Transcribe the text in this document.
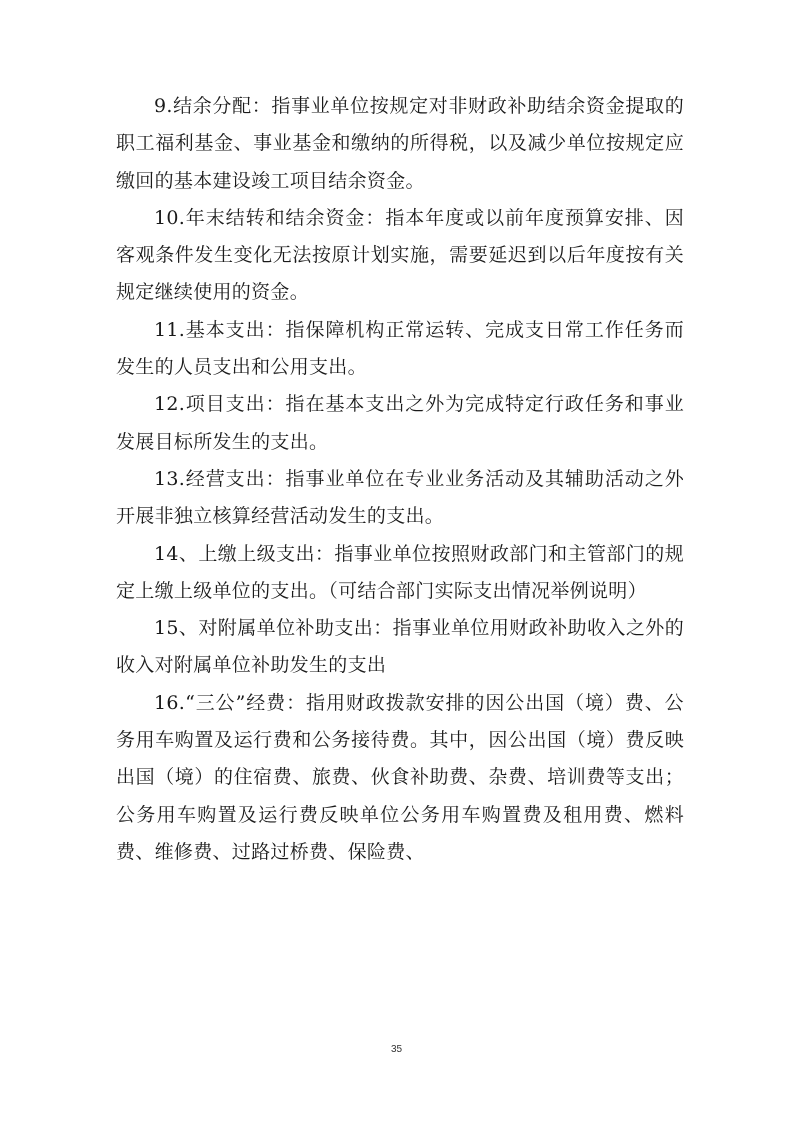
9.结余分配：指事业单位按规定对非财政补助结余资金提取的职工福利基金、事业基金和缴纳的所得税，以及减少单位按规定应缴回的基本建设竣工项目结余资金。

10.年末结转和结余资金：指本年度或以前年度预算安排、因客观条件发生变化无法按原计划实施，需要延迟到以后年度按有关规定继续使用的资金。

11.基本支出：指保障机构正常运转、完成支日常工作任务而发生的人员支出和公用支出。

12.项目支出：指在基本支出之外为完成特定行政任务和事业发展目标所发生的支出。

13.经营支出：指事业单位在专业业务活动及其辅助活动之外开展非独立核算经营活动发生的支出。

14、上缴上级支出：指事业单位按照财政部门和主管部门的规定上缴上级单位的支出。（可结合部门实际支出情况举例说明）

15、对附属单位补助支出：指事业单位用财政补助收入之外的收入对附属单位补助发生的支出

16.“三公”经费：指用财政拨款安排的因公出国（境）费、公务用车购置及运行费和公务接待费。其中，因公出国（境）费反映出国（境）的住宿费、旅费、伙食补助费、杂费、培训费等支出；公务用车购置及运行费反映单位公务用车购置费及租用费、燃料费、维修费、过路过桥费、保险费、

35
